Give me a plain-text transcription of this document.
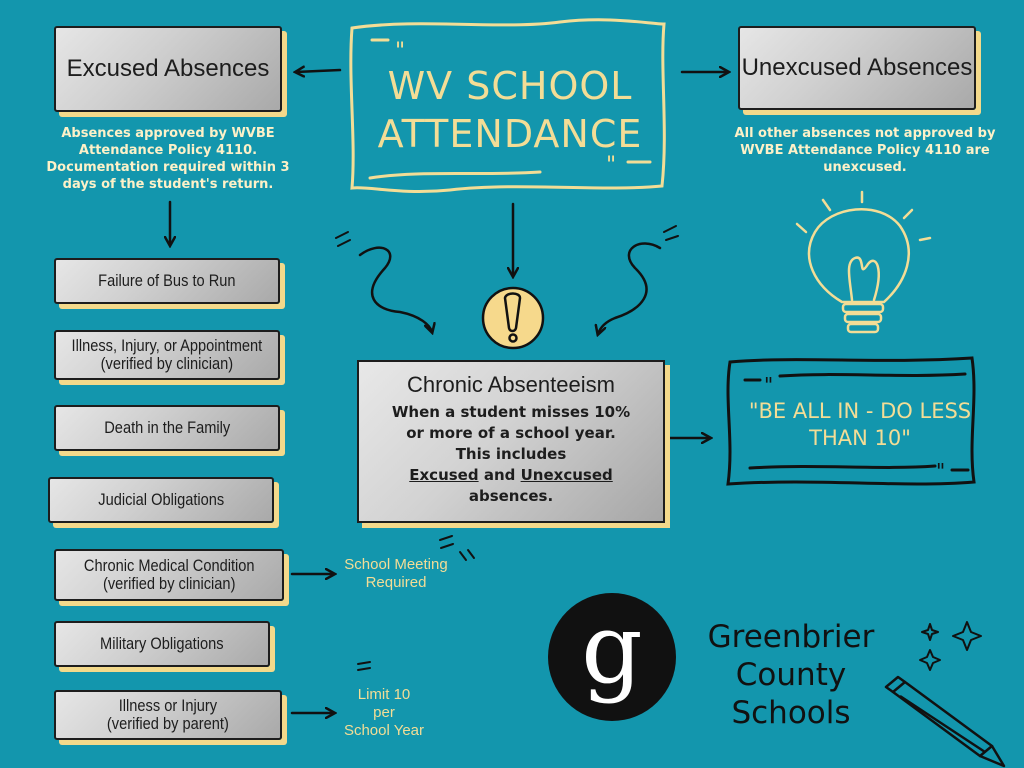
"
"
"
"
WV SCHOOL ATTENDANCE
Excused Absences
Absences approved by WVBE Attendance Policy 4110. Documentation required within 3 days of the student's return.
Unexcused Absences
All other absences not approved by WVBE Attendance Policy 4110 are unexcused.
Failure of Bus to Run
Illness, Injury, or Appointment
(verified by clinician)
Death in the Family
Judicial Obligations
Chronic Medical Condition
(verified by clinician)
Military Obligations
Illness or Injury
(verified by parent)
School Meeting Required
Limit 10
per
School Year
Chronic Absenteeism
When a student misses 10%
or more of a school year.
This includes
Excused and Unexcused
absences.
"BE ALL IN - DO LESS THAN 10"
g	Greenbrier
County Schools
